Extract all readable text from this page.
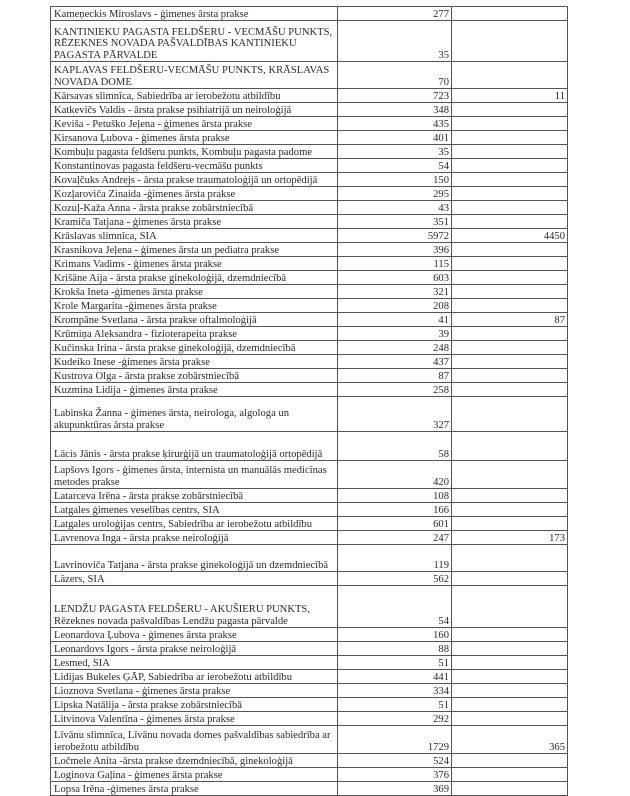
Kameņeckis Miroslavs - ģimenes ārsta prakse	277	
KANTINIEKU PAGASTA FELDŠERU - VECMĀŠU PUNKTS,
RĒZEKNES NOVADA PAŠVALDĪBAS KANTINIEKU
PAGASTA PĀRVALDE	35	
KAPLAVAS FELDŠERU-VECMĀŠU PUNKTS, KRĀSLAVAS
NOVADA DOME	70	
Kārsavas slimnīca, Sabiedrība ar ierobežotu atbildību	723	11
Katkevičs Valdis - ārsta prakse psihiatrijā un neiroloģijā	348	
Keviša - Petuško Jeļena - ģimenes ārsta prakse	435	
Kirsanova Ļubova - ģimenes ārsta prakse	401	
Kombuļu pagasta feldšeru punkts, Kombuļu pagasta padome	35	
Konstantinovas pagasta feldšeru-vecmāšu punkts	54	
Kovaļčuks Andrejs - ārsta prakse traumatoloģijā un ortopēdijā	150	
Kozļarovičа Zinaida -ģimenes ārsta prakse	295	
Kozuļ-Kaža Anna - ārsta prakse zobārstniecībā	43	
Kramiča Tatjana - ģimenes ārsta prakse	351	
Krāslavas slimnīca, SIA	5972	4450
Krasnikova Jeļena - ģimenes ārsta un pediatra prakse	396	
Krimans Vadims - ģimenes ārsta prakse	115	
Krišāne Aija - ārsta prakse ginekoloģijā, dzemdniecībā	603	
Krokša Ineta -ģimenes ārsta prakse	321	
Krole Margarita -ģimenes ārsta prakse	208	
Krompāne Svetlana - ārsta prakse oftalmoloģijā	41	87
Krūmiņa Aleksandra - fizioterapeita prakse	39	
Kučinska Irina - ārsta prakse ginekoloģijā, dzemdniecībā	248	
Kudeiko Inese -ģimenes ārsta prakse	437	
Kustrova Olga - ārsta prakse zobārstniecībā	87	
Kuzmina Lidija - ģimenes ārsta prakse	258	
Labinska Žanna - ģimenes ārsta, neirologa, algologa un
akupunktūras ārsta prakse	327	
Lācis Jānis - ārsta prakse ķirurģijā un traumatoloģijā ortopēdijā	58	
Lapšovs Igors - ģimenes ārsta, internista un manuālās medicīnas
metodes prakse	420	
Latarceva Irēna - ārsta prakse zobārstniecībā	108	
Latgales ģimenes veselības centrs, SIA	166	
Latgales uroloģijas centrs, Sabiedrība ar ierobežotu atbildību	601	
Lavrenova Inga - ārsta prakse neiroloģijā	247	173
Lavrinoviča Tatjana - ārsta prakse ginekoloģijā un dzemdniecībā	119	
Läzers, SIA	562	
LENDŽU PAGASTA FELDŠERU - AKUŠIERU PUNKTS,
Rēzeknes novada pašvaldības Lendžu pagasta pārvalde	54	
Leonardova Ļubova - ģimenes ārsta prakse	160	
Leonardovs Igors - ārsta prakse neiroloģijā	88	
Lesmed, SIA	51	
Lidijas Bukeles ĢĀP, Sabiedrība ar ierobežotu atbildību	441	
Lioznova Svetlana - ģimenes ārsta prakse	334	
Lipska Natālija - ārsta prakse zobārstniecībā	51	
Litvinova Valentīna - ģimenes ārsta prakse	292	
Līvānu slimnīca, Līvānu novada domes pašvaldības sabiedrība ar
ierobežotu atbildību	1729	365
Ločmele Anita -ārsta prakse dzemdniecībā, ginekoloģijā	524	
Loginova Gaļina - ģimenes ārsta prakse	376	
Lopsa Irēna -ģimenes ārsta prakse	369	
